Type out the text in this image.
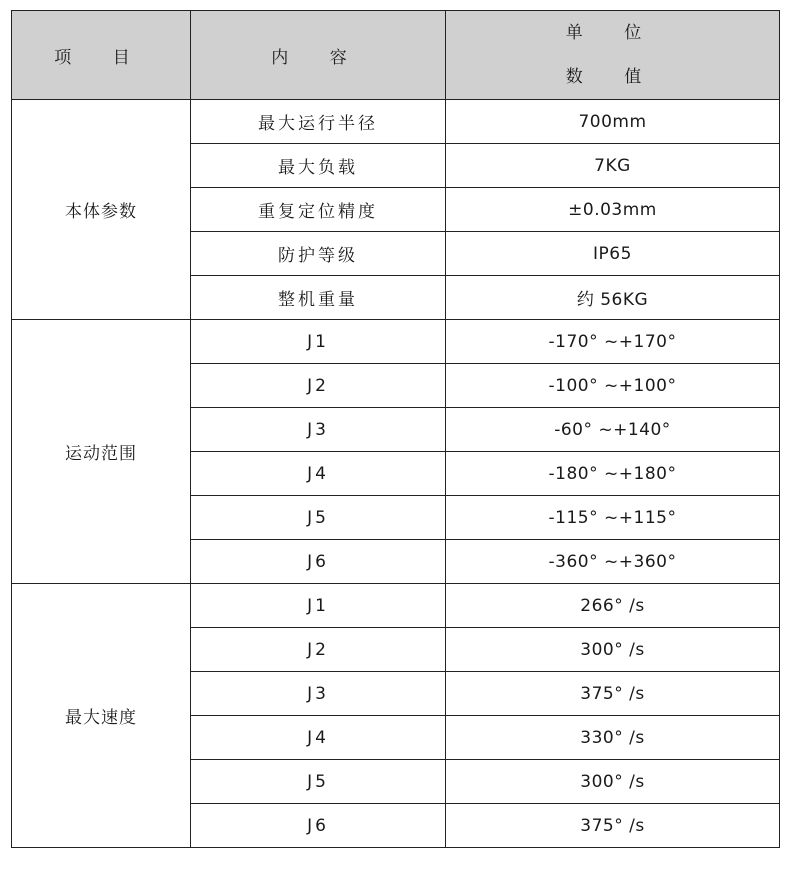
项 目	内 容	单 位
数 值

本体参数	最大运行半径	700mm
	最大负载	7KG
	重复定位精度	±0.03mm
	防护等级	IP65
	整机重量	约 56KG
运动范围	J1	-170° ~+170°
	J2	-100° ~+100°
	J3	-60° ~+140°
	J4	-180° ~+180°
	J5	-115° ~+115°
	J6	-360° ~+360°
最大速度	J1	266° /s
	J2	300° /s
	J3	375° /s
	J4	330° /s
	J5	300° /s
	J6	375° /s
